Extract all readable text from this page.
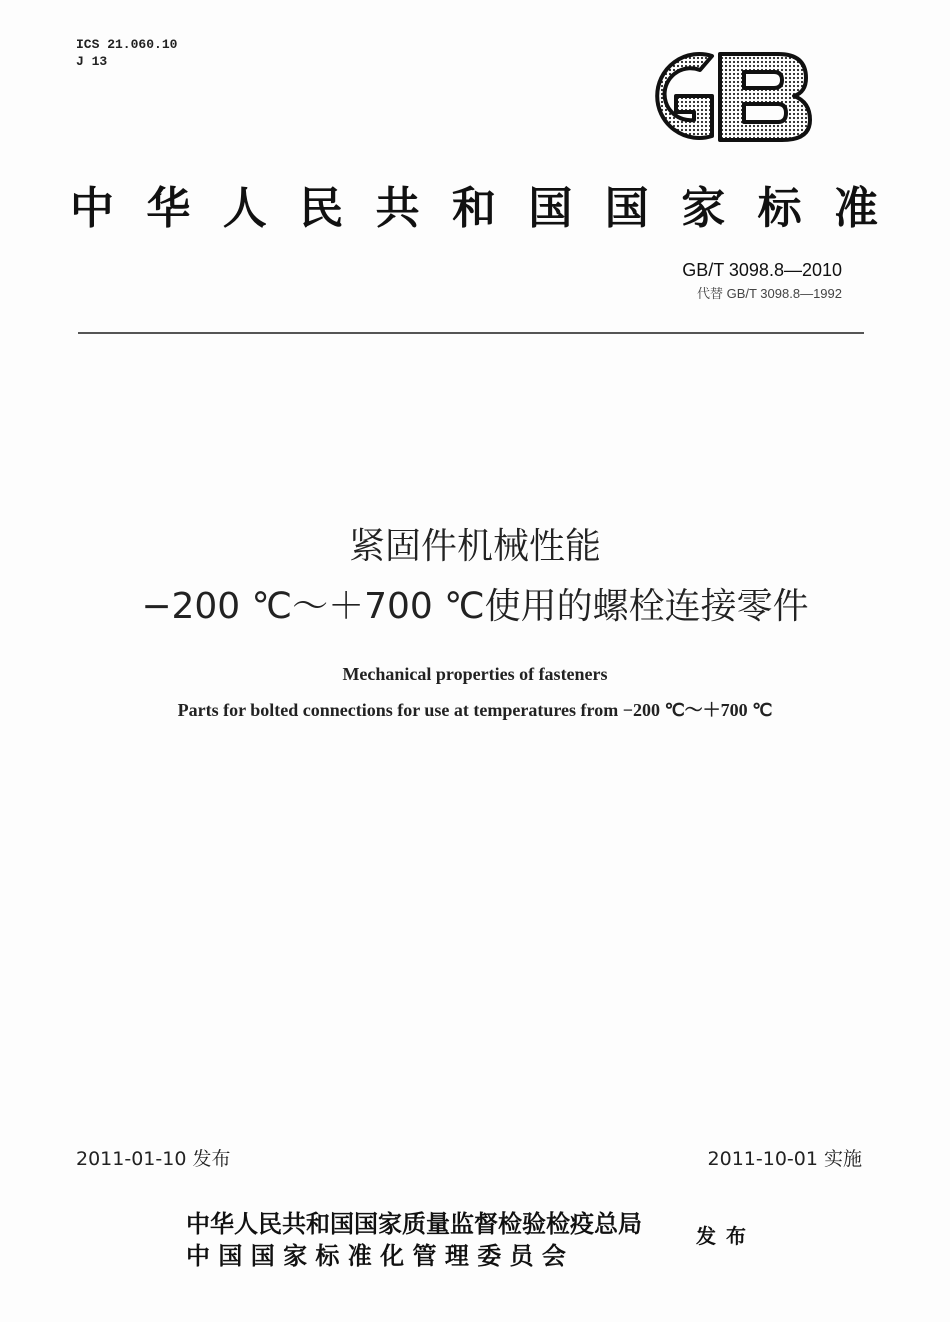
ICS 21.060.10
J 13
中华人民共和国国家标准
GB/T 3098.8—2010
代替 GB/T 3098.8—1992
紧固件机械性能
−200 ℃～＋700 ℃使用的螺栓连接零件
Mechanical properties of fasteners
Parts for bolted connections for use at temperatures from −200 ℃～＋700 ℃
2011-01-10 发布	2011-10-01 实施
中华人民共和国国家质量监督检验检疫总局
中 国 国 家 标 准 化 管 理 委 员 会
发布
